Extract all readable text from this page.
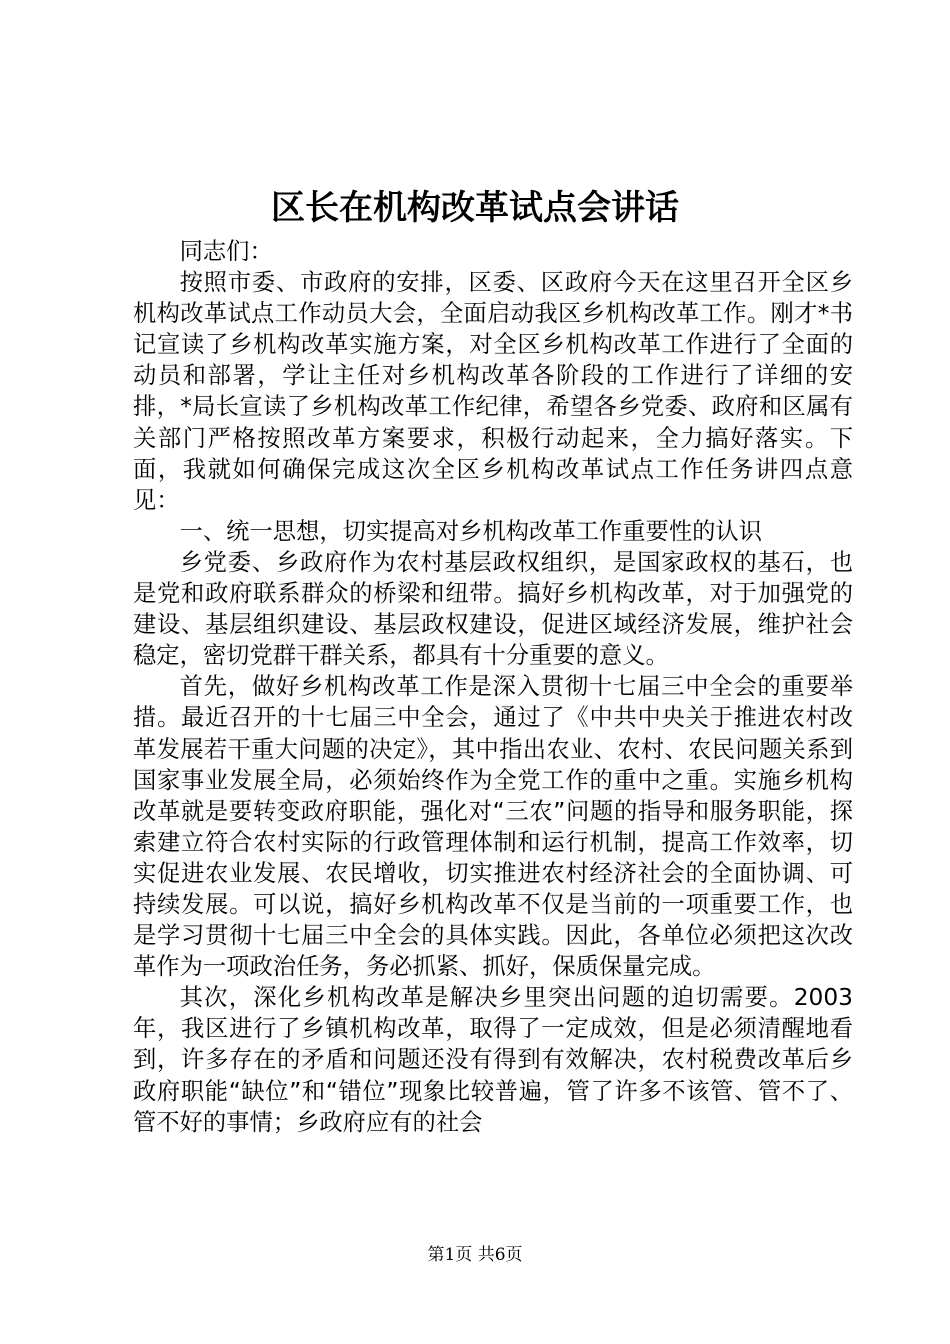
区长在机构改革试点会讲话

同志们：

按照市委、市政府的安排，区委、区政府今天在这里召开全区乡机构改革试点工作动员大会，全面启动我区乡机构改革工作。刚才*书记宣读了乡机构改革实施方案，对全区乡机构改革工作进行了全面的动员和部署，学让主任对乡机构改革各阶段的工作进行了详细的安排，*局长宣读了乡机构改革工作纪律，希望各乡党委、政府和区属有关部门严格按照改革方案要求，积极行动起来，全力搞好落实。下面，我就如何确保完成这次全区乡机构改革试点工作任务讲四点意见：

一、统一思想，切实提高对乡机构改革工作重要性的认识

乡党委、乡政府作为农村基层政权组织，是国家政权的基石，也是党和政府联系群众的桥梁和纽带。搞好乡机构改革，对于加强党的建设、基层组织建设、基层政权建设，促进区域经济发展，维护社会稳定，密切党群干群关系，都具有十分重要的意义。

首先，做好乡机构改革工作是深入贯彻十七届三中全会的重要举措。最近召开的十七届三中全会，通过了《中共中央关于推进农村改革发展若干重大问题的决定》，其中指出农业、农村、农民问题关系到国家事业发展全局，必须始终作为全党工作的重中之重。实施乡机构改革就是要转变政府职能，强化对“三农”问题的指导和服务职能，探索建立符合农村实际的行政管理体制和运行机制，提高工作效率，切实促进农业发展、农民增收，切实推进农村经济社会的全面协调、可持续发展。可以说，搞好乡机构改革不仅是当前的一项重要工作，也是学习贯彻十七届三中全会的具体实践。因此，各单位必须把这次改革作为一项政治任务，务必抓紧、抓好，保质保量完成。

其次，深化乡机构改革是解决乡里突出问题的迫切需要。2003年，我区进行了乡镇机构改革，取得了一定成效，但是必须清醒地看到，许多存在的矛盾和问题还没有得到有效解决，农村税费改革后乡政府职能“缺位”和“错位”现象比较普遍，管了许多不该管、管不了、管不好的事情；乡政府应有的社会

第1页 共6页
